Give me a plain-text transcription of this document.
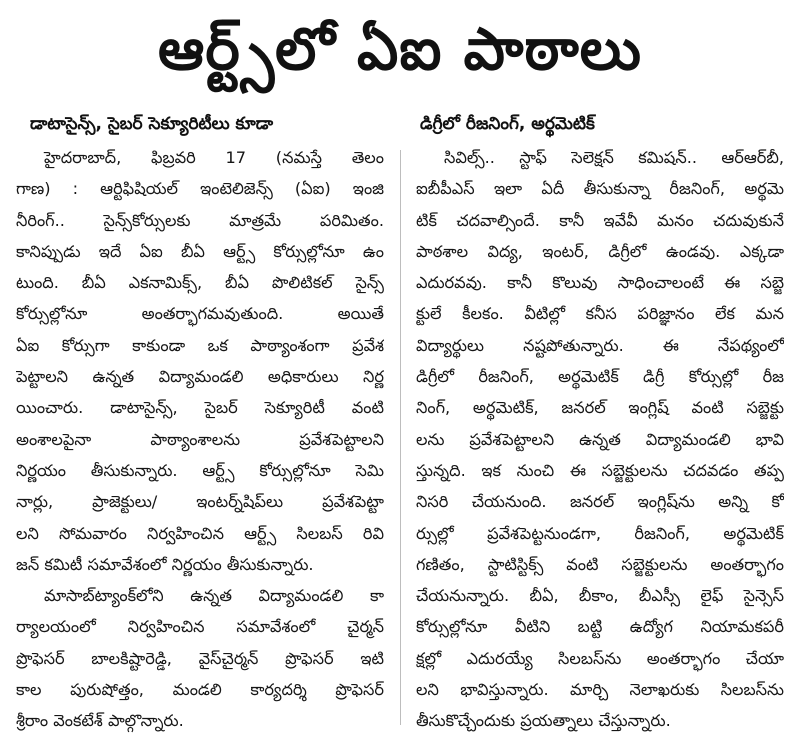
ఆర్ట్స్‌లో ఏఐ పాఠాలు
డాటాసైన్స్, సైబర్ సెక్యూరిటీలు కూడా
హైదరాబాద్, ఫిబ్రవరి 17 (నమస్తే తెలం
గాణ) : ఆర్టిఫిషియల్ ఇంటెలిజెన్స్ (ఏఐ) ఇంజి
నీరింగ్.. సైన్స్‌కోర్సులకు మాత్రమే పరిమితం.
కానిప్పుడు ఇదే ఏఐ బీఏ ఆర్ట్స్ కోర్సుల్లోనూ ఉం
టుంది. బీఏ ఎకనామిక్స్, బీఏ పొలిటికల్ సైన్స్
కోర్సుల్లోనూ అంతర్భాగమవుతుంది. అయితే
ఏఐ కోర్సుగా కాకుండా ఒక పాఠ్యాంశంగా ప్రవేశ
పెట్టాలని ఉన్నత విద్యామండలి అధికారులు నిర్ణ
యించారు. డాటాసైన్స్, సైబర్ సెక్యూరిటీ వంటి
అంశాలపైనా పాఠ్యాంశాలను ప్రవేశపెట్టాలని
నిర్ణయం తీసుకున్నారు. ఆర్ట్స్ కోర్సుల్లోనూ సెమి
నార్లు, ప్రాజెక్టులు/ ఇంటర్న్‌షిప్‌లు ప్రవేశపెట్టా
లని సోమవారం నిర్వహించిన ఆర్ట్స్ సిలబస్ రివి
జన్ కమిటీ సమావేశంలో నిర్ణయం తీసుకున్నారు.
మాసాబ్‌ట్యాంక్‌లోని ఉన్నత విద్యామండలి కా
ర్యాలయంలో నిర్వహించిన సమావేశంలో చైర్మన్
ప్రొఫెసర్ బాలకిష్టారెడ్డి, వైస్‌చైర్మన్ ప్రొఫెసర్ ఇటి
కాల పురుషోత్తం, మండలి కార్యదర్శి ప్రొఫెసర్
శ్రీరాం వెంకటేశ్ పాల్గొన్నారు.
డిగ్రీలో రీజనింగ్, అర్థమెటిక్
సివిల్స్.. స్టాఫ్ సెలెక్షన్ కమిషన్.. ఆర్‌ఆర్‌బీ,
ఐబీపీఎస్ ఇలా ఏదీ తీసుకున్నా రీజనింగ్, అర్థమె
టిక్ చదవాల్సిందే. కానీ ఇవేవీ మనం చదువుకునే
పాఠశాల విద్య, ఇంటర్, డిగ్రీలో ఉండవు. ఎక్కడా
ఎదురవవు. కానీ కొలువు సాధించాలంటే ఈ సబ్జె
క్టులే కీలకం. వీటిల్లో కనీస పరిజ్ఞానం లేక మన
విద్యార్థులు నష్టపోతున్నారు. ఈ నేపథ్యంలో
డిగ్రీలో రీజనింగ్, అర్థమెటిక్ డిగ్రీ కోర్సుల్లో రీజ
నింగ్, అర్థమెటిక్, జనరల్ ఇంగ్లిష్ వంటి సబ్జెక్టు
లను ప్రవేశపెట్టాలని ఉన్నత విద్యామండలి భావి
స్తున్నది. ఇక నుంచి ఈ సబ్జెక్టులను చదవడం తప్ప
నిసరి చేయనుంది. జనరల్ ఇంగ్లిష్‌ను అన్ని కో
ర్సుల్లో ప్రవేశపెట్టనుండగా, రీజనింగ్, అర్థమెటిక్
గణితం, స్టాటిస్టిక్స్ వంటి సబ్జెక్టులను అంతర్భాగం
చేయనున్నారు. బీఏ, బీకాం, బీఎస్సీ లైఫ్ సైన్సెస్
కోర్సుల్లోనూ వీటిని బట్టి ఉద్యోగ నియామకపరీ
క్షల్లో ఎదురయ్యే సిలబస్‌ను అంతర్భాగం చేయా
లని భావిస్తున్నారు. మార్చి నెలాఖరుకు సిలబస్‌ను
తీసుకొచ్చేందుకు ప్రయత్నాలు చేస్తున్నారు.
